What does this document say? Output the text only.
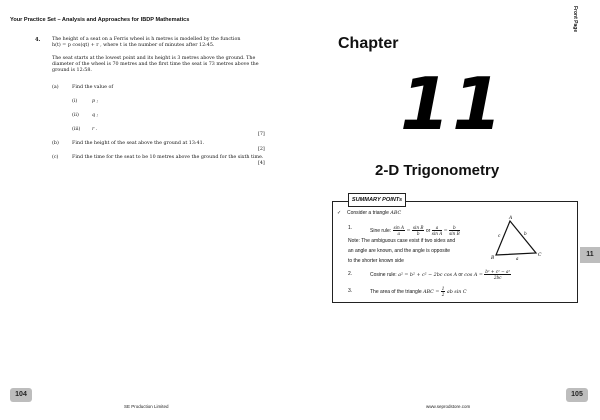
Your Practice Set – Analysis and Approaches for IBDP Mathematics
4. The height of a seat on a Ferris wheel is h metres is modelled by the function
h(t) = p cos(qt) + r , where t is the number of minutes after 12:45.
The seat starts at the lowest point and its height is 3 metres above the ground. The
diameter of the wheel is 70 metres and the first time the seat is 73 metres above the
ground is 12:58.
(a)	Find the value of
(i)	p ;
(ii)	q ;
(iii) r .
[7]
(b)	Find the height of the seat above the ground at 13:41.
[2]
(c)	Find the time for the seat to be 10 metres above the ground for the sixth time.
[4]
104
SE Production Limited
Front Page
Chapter
11
2-D Trigonometry
SUMMARY POINTs
✓ Consider a triangle ABC
1.	Sine rule: $\frac{\text{sin A}}{a} = \frac{\text{sin B}}{b}$ or $\frac{a}{\text{sin A}} = \frac{b}{\text{sin B}}$
Note: The ambiguous case exist if two sides and
an angle are known, and the angle is opposite
to the shorter known side
2.	Cosine rule: a² = b² + c² − 2bc cos A or $\cos A = \frac{\text{b² + c² − a²}}{2bc}$
3.	The area of the triangle ABC = $\frac{1}{2}$ ab sin C
A
B
C
c	b
a
105
www.seprodstore.com
11
